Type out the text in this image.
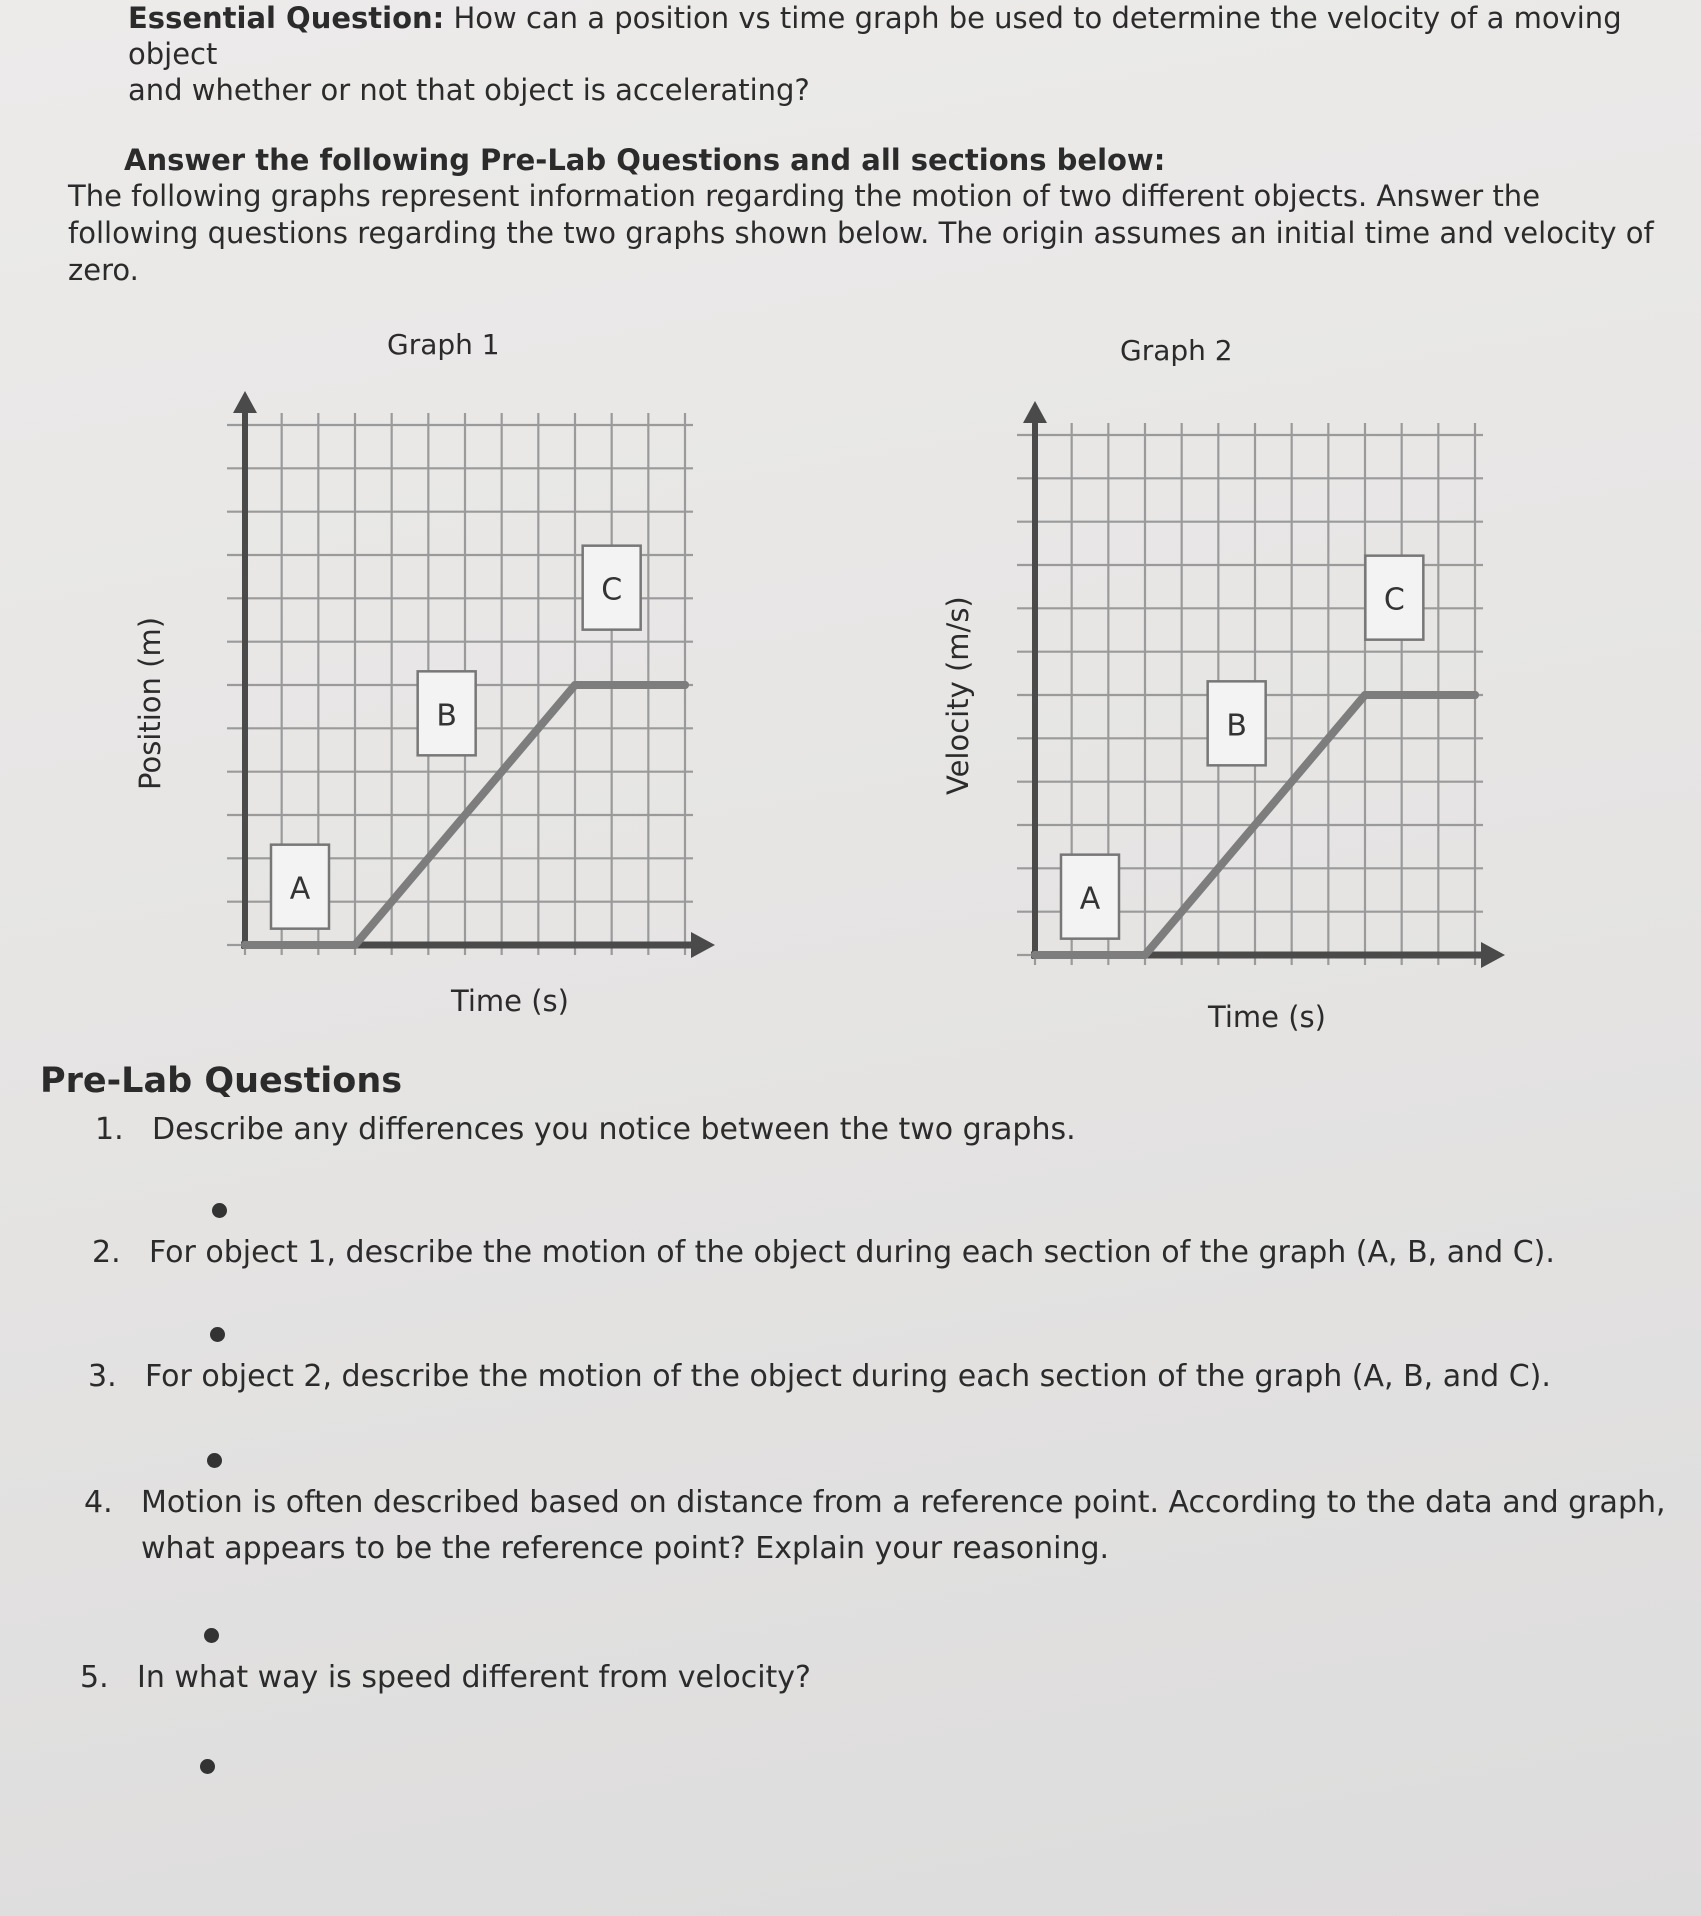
Essential Question: How can a position vs time graph be used to determine the velocity of a moving
object
and whether or not that object is accelerating?
Answer the following Pre-Lab Questions and all sections below:
The following graphs represent information regarding the motion of two different objects. Answer the
following questions regarding the two graphs shown below. The origin assumes an initial time and velocity of
zero.
Graph 1
Position (m)
Time (s)
Graph 2
Velocity (m/s)
Time (s)
A
B
C
A
B
C
Pre-Lab Questions
1. Describe any differences you notice between the two graphs.
2. For object 1, describe the motion of the object during each section of the graph (A, B, and C).
3. For object 2, describe the motion of the object during each section of the graph (A, B, and C).
4. Motion is often described based on distance from a reference point. According to the data and graph,
what appears to be the reference point? Explain your reasoning.
5. In what way is speed different from velocity?
